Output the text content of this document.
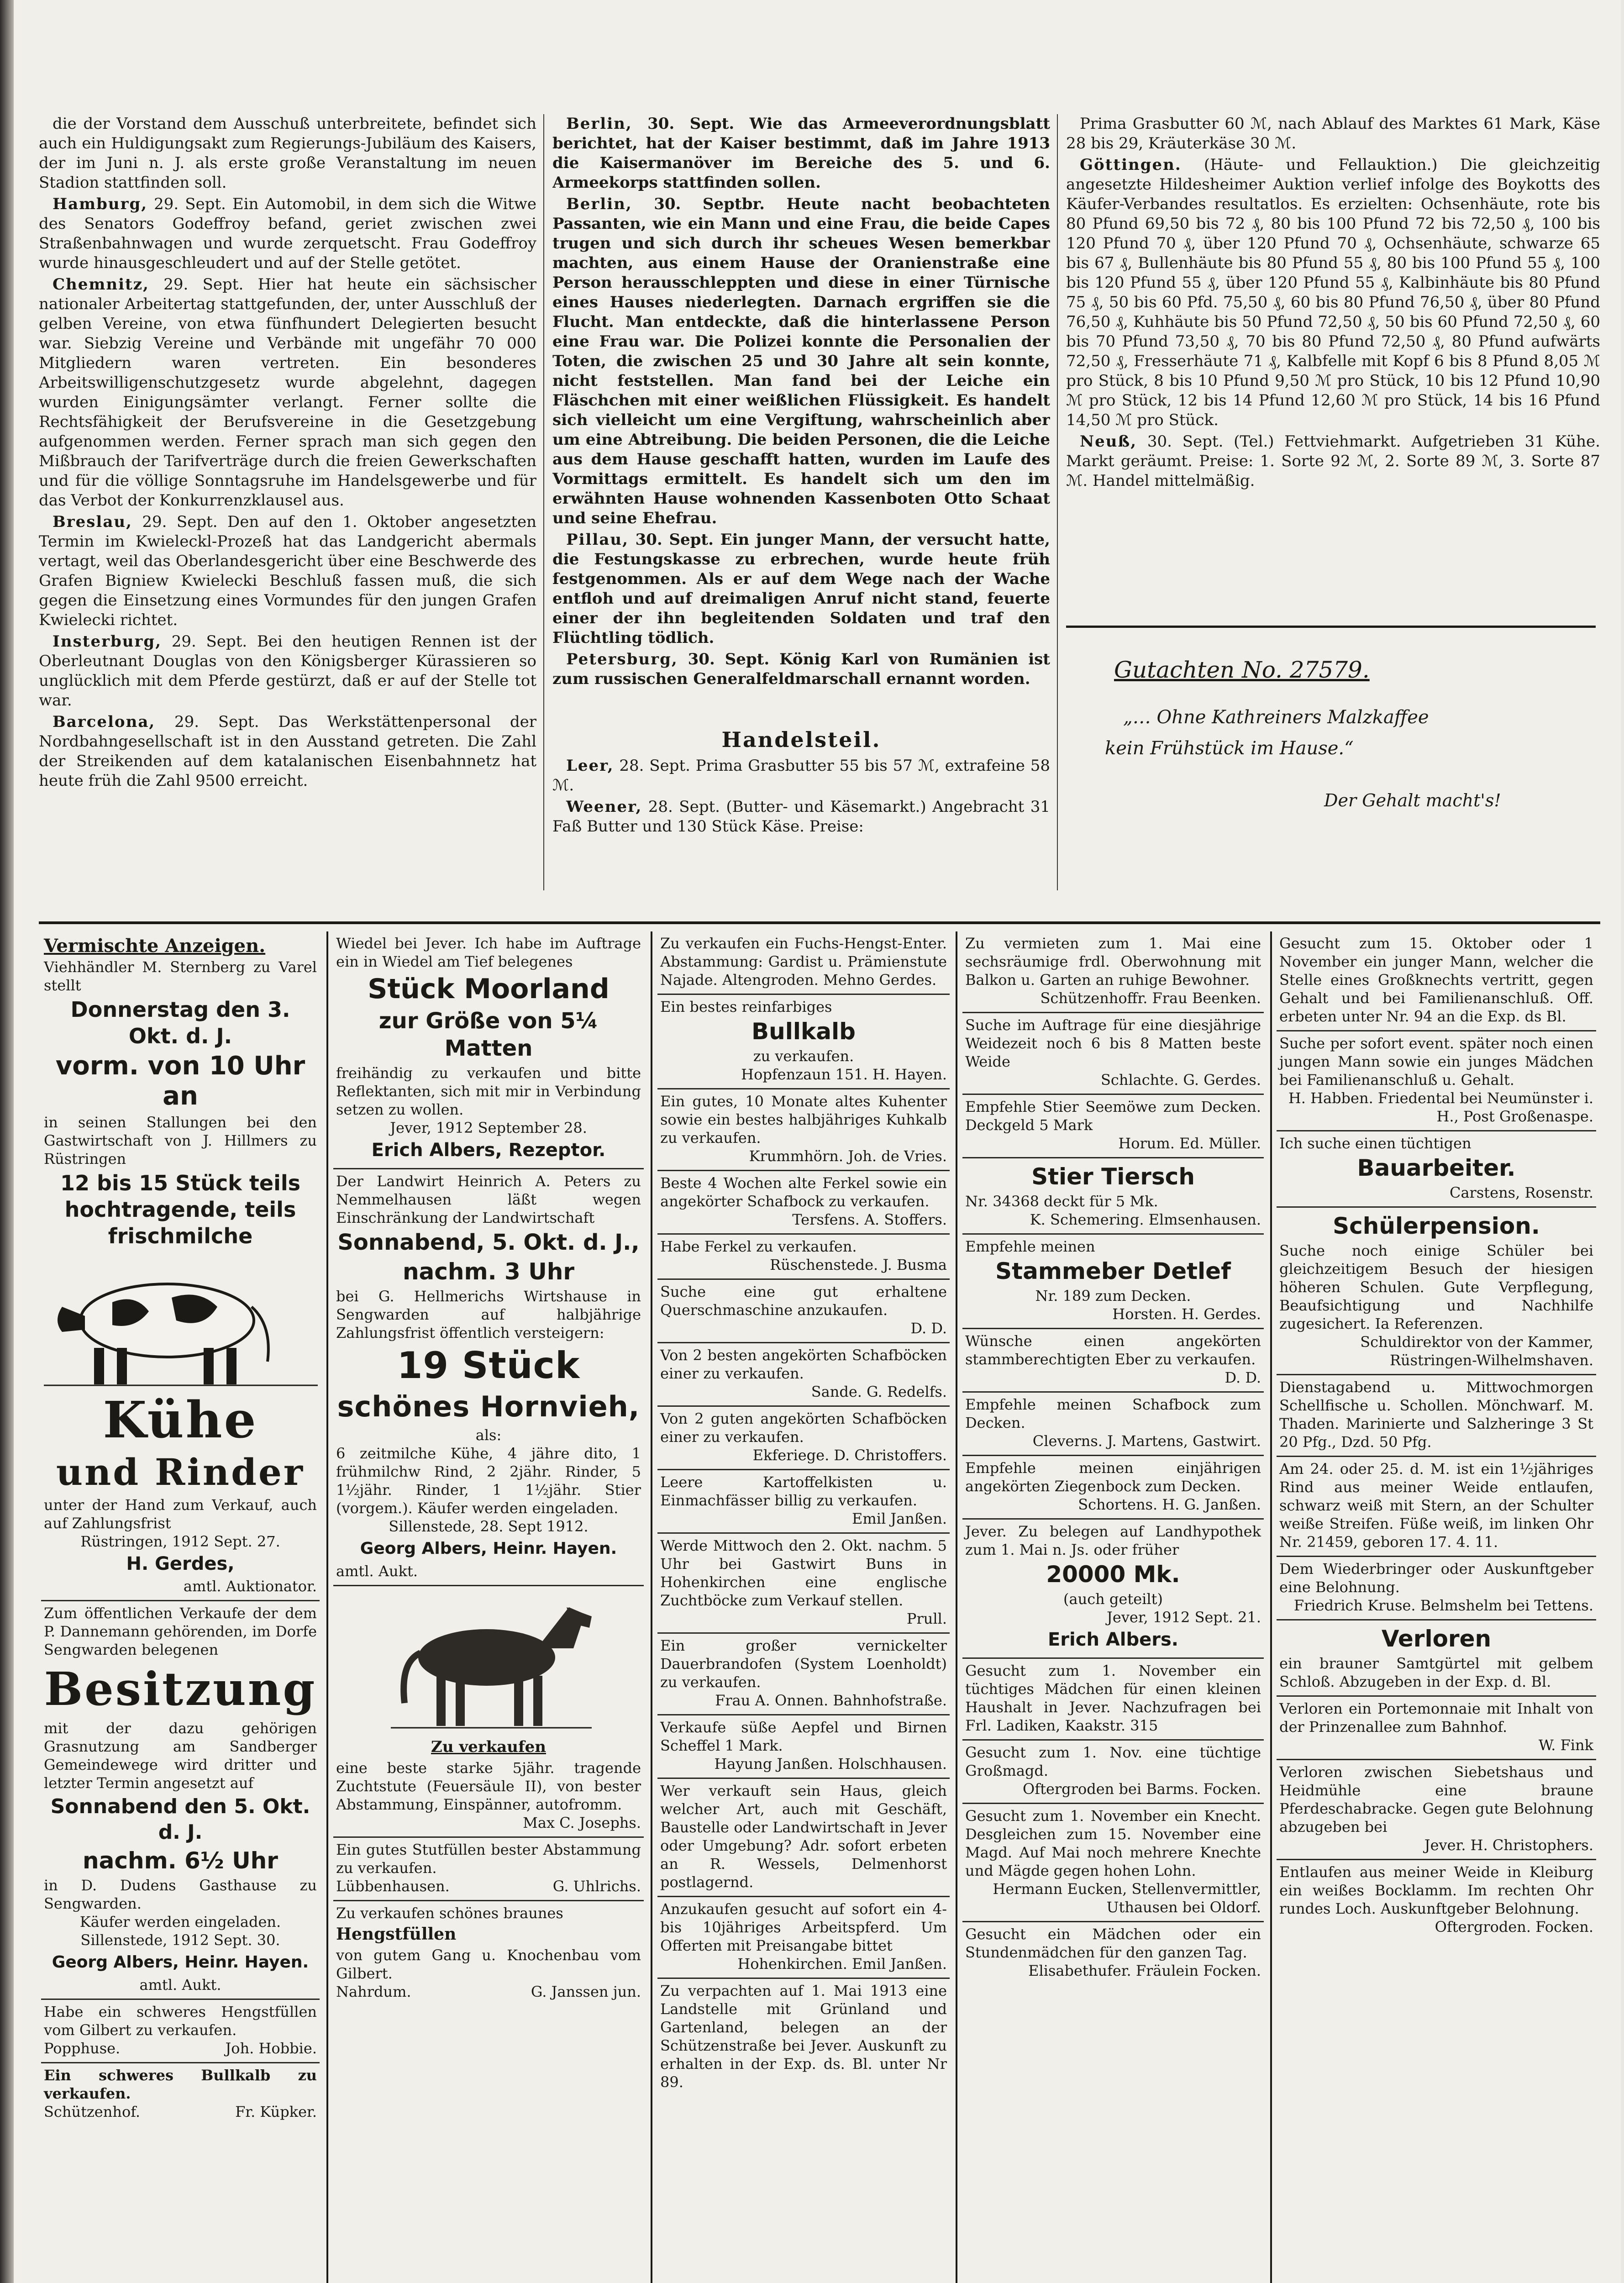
die der Vorstand dem Ausschuß unterbreitete, befindet sich auch ein Huldigungsakt zum Regierungs-Jubiläum des Kaisers, der im Juni n. J. als erste große Veranstaltung im neuen Stadion stattfinden soll.

Hamburg, 29. Sept. Ein Automobil, in dem sich die Witwe des Senators Godeffroy befand, geriet zwischen zwei Straßenbahnwagen und wurde zerquetscht. Frau Godeffroy wurde hinausgeschleudert und auf der Stelle getötet.

Chemnitz, 29. Sept. Hier hat heute ein sächsischer nationaler Arbeitertag stattgefunden, der, unter Ausschluß der gelben Vereine, von etwa fünfhundert Delegierten besucht war. Siebzig Vereine und Verbände mit ungefähr 70 000 Mitgliedern waren vertreten. Ein besonderes Arbeitswilligenschutzgesetz wurde abgelehnt, dagegen wurden Einigungsämter verlangt. Ferner sollte die Rechtsfähigkeit der Berufsvereine in die Gesetzgebung aufgenommen werden. Ferner sprach man sich gegen den Mißbrauch der Tarifverträge durch die freien Gewerkschaften und für die völlige Sonntagsruhe im Handelsgewerbe und für das Verbot der Konkurrenzklausel aus.

Breslau, 29. Sept. Den auf den 1. Oktober angesetzten Termin im Kwieleckl-Prozeß hat das Landgericht abermals vertagt, weil das Oberlandesgericht über eine Beschwerde des Grafen Bigniew Kwielecki Beschluß fassen muß, die sich gegen die Einsetzung eines Vormundes für den jungen Grafen Kwielecki richtet.

Insterburg, 29. Sept. Bei den heutigen Rennen ist der Oberleutnant Douglas von den Königsberger Kürassieren so unglücklich mit dem Pferde gestürzt, daß er auf der Stelle tot war.

Barcelona, 29. Sept. Das Werkstättenpersonal der Nordbahngesellschaft ist in den Ausstand getreten. Die Zahl der Streikenden auf dem katalanischen Eisenbahnnetz hat heute früh die Zahl 9500 erreicht.

Berlin, 30. Sept. Wie das Armeeverordnungsblatt berichtet, hat der Kaiser bestimmt, daß im Jahre 1913 die Kaisermanöver im Bereiche des 5. und 6. Armeekorps stattfinden sollen.

Berlin, 30. Septbr. Heute nacht beobachteten Passanten, wie ein Mann und eine Frau, die beide Capes trugen und sich durch ihr scheues Wesen bemerkbar machten, aus einem Hause der Oranienstraße eine Person herausschleppten und diese in einer Türnische eines Hauses niederlegten. Darnach ergriffen sie die Flucht. Man entdeckte, daß die hinterlassene Person eine Frau war. Die Polizei konnte die Personalien der Toten, die zwischen 25 und 30 Jahre alt sein konnte, nicht feststellen. Man fand bei der Leiche ein Fläschchen mit einer weißlichen Flüssigkeit. Es handelt sich vielleicht um eine Vergiftung, wahrscheinlich aber um eine Abtreibung. Die beiden Personen, die die Leiche aus dem Hause geschafft hatten, wurden im Laufe des Vormittags ermittelt. Es handelt sich um den im erwähnten Hause wohnenden Kassenboten Otto Schaat und seine Ehefrau.

Pillau, 30. Sept. Ein junger Mann, der versucht hatte, die Festungskasse zu erbrechen, wurde heute früh festgenommen. Als er auf dem Wege nach der Wache entfloh und auf dreimaligen Anruf nicht stand, feuerte einer der ihn begleitenden Soldaten und traf den Flüchtling tödlich.

Petersburg, 30. Sept. König Karl von Rumänien ist zum russischen Generalfeldmarschall ernannt worden.

Handelsteil.

Leer, 28. Sept. Prima Grasbutter 55 bis 57 ℳ, extrafeine 58 ℳ.

Weener, 28. Sept. (Butter- und Käsemarkt.) Angebracht 31 Faß Butter und 130 Stück Käse. Preise:

Prima Grasbutter 60 ℳ, nach Ablauf des Marktes 61 Mark, Käse 28 bis 29, Kräuterkäse 30 ℳ.

Göttingen. (Häute- und Fellauktion.) Die gleichzeitig angesetzte Hildesheimer Auktion verlief infolge des Boykotts des Käufer-Verbandes resultatlos. Es erzielten: Ochsenhäute, rote bis 80 Pfund 69,50 bis 72 ₰, 80 bis 100 Pfund 72 bis 72,50 ₰, 100 bis 120 Pfund 70 ₰, über 120 Pfund 70 ₰, Ochsenhäute, schwarze 65 bis 67 ₰, Bullenhäute bis 80 Pfund 55 ₰, 80 bis 100 Pfund 55 ₰, 100 bis 120 Pfund 55 ₰, über 120 Pfund 55 ₰, Kalbinhäute bis 80 Pfund 75 ₰, 50 bis 60 Pfd. 75,50 ₰, 60 bis 80 Pfund 76,50 ₰, über 80 Pfund 76,50 ₰, Kuhhäute bis 50 Pfund 72,50 ₰, 50 bis 60 Pfund 72,50 ₰, 60 bis 70 Pfund 73,50 ₰, 70 bis 80 Pfund 72,50 ₰, 80 Pfund aufwärts 72,50 ₰, Fresserhäute 71 ₰, Kalbfelle mit Kopf 6 bis 8 Pfund 8,05 ℳ pro Stück, 8 bis 10 Pfund 9,50 ℳ pro Stück, 10 bis 12 Pfund 10,90 ℳ pro Stück, 12 bis 14 Pfund 12,60 ℳ pro Stück, 14 bis 16 Pfund 14,50 ℳ pro Stück.

Neuß, 30. Sept. (Tel.) Fettviehmarkt. Aufgetrieben 31 Kühe. Markt geräumt. Preise: 1. Sorte 92 ℳ, 2. Sorte 89 ℳ, 3. Sorte 87 ℳ. Handel mittelmäßig.

Gutachten No. 27579.
„… Ohne Kathreiners Malzkaffee
kein Frühstück im Hause.“
Der Gehalt macht's!
Vermischte Anzeigen.

Viehhändler M. Sternberg zu Varel stellt

Donnerstag den 3. Okt. d. J.
vorm. von 10 Uhr an

in seinen Stallungen bei den Gastwirtschaft von J. Hillmers zu Rüstringen

12 bis 15 Stück teils hochtragende, teils frischmilche
Kühe
und Rinder

unter der Hand zum Verkauf, auch auf Zahlungsfrist

Rüstringen, 1912 Sept. 27.

H. Gerdes,

amtl. Auktionator.

Zum öffentlichen Verkaufe der dem P. Dannemann gehörenden, im Dorfe Sengwarden belegenen

Besitzung

mit der dazu gehörigen Grasnutzung am Sandberger Gemeindewege wird dritter und letzter Termin angesetzt auf

Sonnabend den 5. Okt. d. J.
nachm. 6½ Uhr

in D. Dudens Gasthause zu Sengwarden.

Käufer werden eingeladen.

Sillenstede, 1912 Sept. 30.

Georg Albers, Heinr. Hayen.

amtl. Aukt.

Habe ein schweres Hengstfüllen vom Gilbert zu verkaufen.

Popphuse.	Joh. Hobbie.

Ein schweres Bullkalb zu verkaufen.

Schützenhof.	Fr. Küpker.

Wiedel bei Jever. Ich habe im Auftrage ein in Wiedel am Tief belegenes

Stück Moorland
zur Größe von 5¼ Matten

freihändig zu verkaufen und bitte Reflektanten, sich mit mir in Verbindung setzen zu wollen.

Jever, 1912 September 28.

Erich Albers, Rezeptor.

Der Landwirt Heinrich A. Peters zu Nemmelhausen läßt wegen Einschränkung der Landwirtschaft

Sonnabend, 5. Okt. d. J.,
nachm. 3 Uhr

bei G. Hellmerichs Wirtshause in Sengwarden auf halbjährige Zahlungsfrist öffentlich versteigern:

19 Stück
schönes Hornvieh,

als:

6 zeitmilche Kühe, 4 jähre dito, 1 frühmilchw Rind, 2 2jähr. Rinder, 5 1½jähr. Rinder, 1 1½jähr. Stier (vorgem.). Käufer werden eingeladen.

Sillenstede, 28. Sept 1912.

Georg Albers, Heinr. Hayen.

amtl. Aukt.

Zu verkaufen

eine beste starke 5jähr. tragende Zuchtstute (Feuersäule II), von bester Abstammung, Einspänner, autofromm.

Max C. Josephs.

Ein gutes Stutfüllen bester Abstammung zu verkaufen.

Lübbenhausen.	G. Uhlrichs.

Zu verkaufen schönes braunes

Hengstfüllen

von gutem Gang u. Knochenbau vom Gilbert.

Nahrdum.	G. Janssen jun.

Zu verkaufen ein Fuchs-Hengst-Enter. Abstammung: Gardist u. Prämienstute Najade. Altengroden. Mehno Gerdes.

Ein bestes reinfarbiges

Bullkalb

zu verkaufen.

Hopfenzaun 151. H. Hayen.

Ein gutes, 10 Monate altes Kuhenter sowie ein bestes halbjähriges Kuhkalb zu verkaufen.

Krummhörn. Joh. de Vries.

Beste 4 Wochen alte Ferkel sowie ein angekörter Schafbock zu verkaufen.

Tersfens. A. Stoffers.

Habe Ferkel zu verkaufen.

Rüschenstede. J. Busma

Suche eine gut erhaltene Querschmaschine anzukaufen.

D. D.

Von 2 besten angekörten Schafböcken einer zu verkaufen.

Sande. G. Redelfs.

Von 2 guten angekörten Schafböcken einer zu verkaufen.

Ekferiege. D. Christoffers.

Leere Kartoffelkisten u. Einmachfässer billig zu verkaufen.

Emil Janßen.

Werde Mittwoch den 2. Okt. nachm. 5 Uhr bei Gastwirt Buns in Hohenkirchen eine englische Zuchtböcke zum Verkauf stellen.

Prull.

Ein großer vernickelter Dauerbrandofen (System Loenholdt) zu verkaufen.

Frau A. Onnen. Bahnhofstraße.

Verkaufe süße Aepfel und Birnen Scheffel 1 Mark.

Hayung Janßen. Holschhausen.

Wer verkauft sein Haus, gleich welcher Art, auch mit Geschäft, Baustelle oder Landwirtschaft in Jever oder Umgebung? Adr. sofort erbeten an R. Wessels, Delmenhorst postlagernd.

Anzukaufen gesucht auf sofort ein 4- bis 10jähriges Arbeitspferd. Um Offerten mit Preisangabe bittet

Hohenkirchen. Emil Janßen.

Zu verpachten auf 1. Mai 1913 eine Landstelle mit Grünland und Gartenland, belegen an der Schützenstraße bei Jever. Auskunft zu erhalten in der Exp. ds. Bl. unter Nr 89.

Zu vermieten zum 1. Mai eine sechsräumige frdl. Oberwohnung mit Balkon u. Garten an ruhige Bewohner.

Schützenhoffr. Frau Beenken.

Suche im Auftrage für eine diesjährige Weidezeit noch 6 bis 8 Matten beste Weide

Schlachte. G. Gerdes.

Empfehle Stier Seemöwe zum Decken. Deckgeld 5 Mark

Horum. Ed. Müller.

Stier Tiersch

Nr. 34368 deckt für 5 Mk.

K. Schemering. Elmsenhausen.

Empfehle meinen

Stammeber Detlef

Nr. 189 zum Decken.

Horsten. H. Gerdes.

Wünsche einen angekörten stammberechtigten Eber zu verkaufen.

D. D.

Empfehle meinen Schafbock zum Decken.

Cleverns. J. Martens, Gastwirt.

Empfehle meinen einjährigen angekörten Ziegenbock zum Decken.

Schortens. H. G. Janßen.

Jever. Zu belegen auf Landhypothek zum 1. Mai n. Js. oder früher

20000 Mk.

(auch geteilt)

Jever, 1912 Sept. 21.

Erich Albers.

Gesucht zum 1. November ein tüchtiges Mädchen für einen kleinen Haushalt in Jever. Nachzufragen bei Frl. Ladiken, Kaakstr. 315

Gesucht zum 1. Nov. eine tüchtige Großmagd.

Oftergroden bei Barms. Focken.

Gesucht zum 1. November ein Knecht. Desgleichen zum 15. November eine Magd. Auf Mai noch mehrere Knechte und Mägde gegen hohen Lohn.

Hermann Eucken, Stellenvermittler, Uthausen bei Oldorf.

Gesucht ein Mädchen oder ein Stundenmädchen für den ganzen Tag.

Elisabethufer. Fräulein Focken.

Gesucht zum 15. Oktober oder 1 November ein junger Mann, welcher die Stelle eines Großknechts vertritt, gegen Gehalt und bei Familienanschluß. Off. erbeten unter Nr. 94 an die Exp. ds Bl.

Suche per sofort event. später noch einen jungen Mann sowie ein junges Mädchen bei Familienanschluß u. Gehalt.

H. Habben. Friedental bei Neumünster i. H., Post Großenaspe.

Ich suche einen tüchtigen

Bauarbeiter.

Carstens, Rosenstr.

Schülerpension.

Suche noch einige Schüler bei gleichzeitigem Besuch der hiesigen höheren Schulen. Gute Verpflegung, Beaufsichtigung und Nachhilfe zugesichert. Ia Referenzen.

Schuldirektor von der Kammer, Rüstringen-Wilhelmshaven.

Dienstagabend u. Mittwochmorgen Schellfische u. Schollen. Mönchwarf. M. Thaden. Marinierte und Salzheringe 3 St 20 Pfg., Dzd. 50 Pfg.

Am 24. oder 25. d. M. ist ein 1½jähriges Rind aus meiner Weide entlaufen, schwarz weiß mit Stern, an der Schulter weiße Streifen. Füße weiß, im linken Ohr Nr. 21459, geboren 17. 4. 11.

Dem Wiederbringer oder Auskunftgeber eine Belohnung.

Friedrich Kruse. Belmshelm bei Tettens.

Verloren

ein brauner Samtgürtel mit gelbem Schloß. Abzugeben in der Exp. d. Bl.

Verloren ein Portemonnaie mit Inhalt von der Prinzenallee zum Bahnhof.

W. Fink

Verloren zwischen Siebetshaus und Heidmühle eine braune Pferdeschabracke. Gegen gute Belohnung abzugeben bei

Jever. H. Christophers.

Entlaufen aus meiner Weide in Kleiburg ein weißes Bocklamm. Im rechten Ohr rundes Loch. Auskunftgeber Belohnung.

Oftergroden. Focken.
